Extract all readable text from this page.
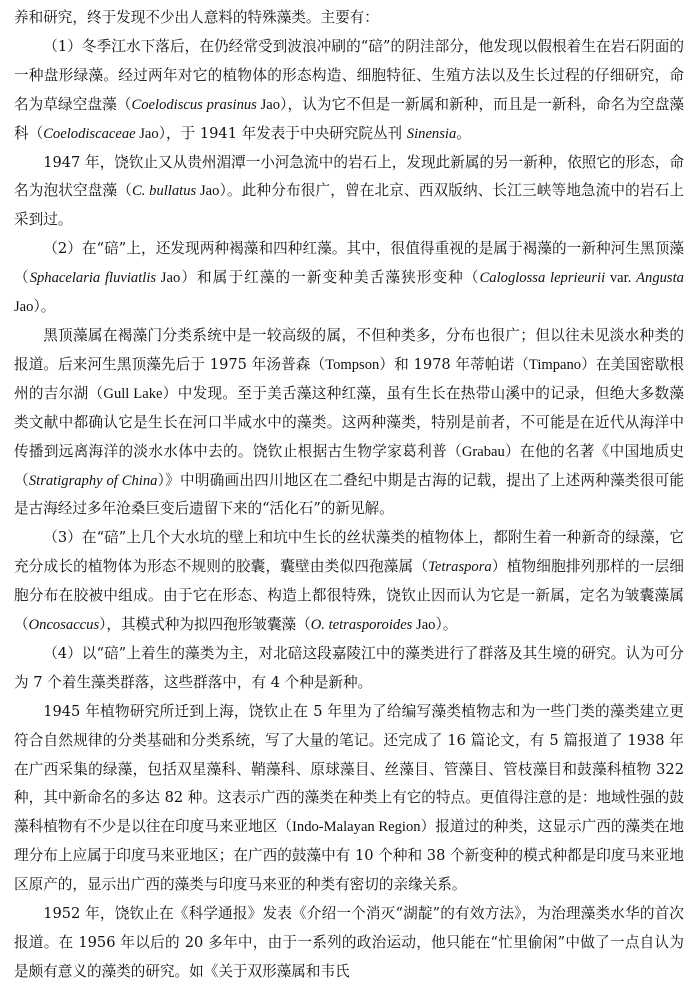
养和研究，终于发现不少出人意料的特殊藻类。主要有：

（1）冬季江水下落后，在仍经常受到波浪冲刷的“碚”的阴洼部分，他发现以假根着生在岩石阴面的一种盘形绿藻。经过两年对它的植物体的形态构造、细胞特征、生殖方法以及生长过程的仔细研究，命名为草绿空盘藻（Coelodiscus prasinus Jao），认为它不但是一新属和新种，而且是一新科，命名为空盘藻科（Coelodiscaceae Jao），于 1941 年发表于中央研究院丛刊 Sinensia。

1947 年，饶钦止又从贵州湄潭一小河急流中的岩石上，发现此新属的另一新种，依照它的形态，命名为泡状空盘藻（C. bullatus Jao）。此种分布很广，曾在北京、西双版纳、长江三峡等地急流中的岩石上采到过。

（2）在“碚”上，还发现两种褐藻和四种红藻。其中，很值得重视的是属于褐藻的一新种河生黑顶藻（Sphacelaria fluviatlis Jao）和属于红藻的一新变种美舌藻狭形变种（Caloglossa leprieurii var. Angusta Jao）。

黑顶藻属在褐藻门分类系统中是一较高级的属，不但种类多，分布也很广；但以往未见淡水种类的报道。后来河生黑顶藻先后于 1975 年汤普森（Tompson）和 1978 年蒂帕诺（Timpano）在美国密歇根州的吉尔湖（Gull Lake）中发现。至于美舌藻这种红藻，虽有生长在热带山溪中的记录，但绝大多数藻类文献中都确认它是生长在河口半咸水中的藻类。这两种藻类，特别是前者，不可能是在近代从海洋中传播到远离海洋的淡水水体中去的。饶钦止根据古生物学家葛利普（Grabau）在他的名著《中国地质史（Stratigraphy of China）》中明确画出四川地区在二叠纪中期是古海的记载，提出了上述两种藻类很可能是古海经过多年沧桑巨变后遗留下来的“活化石”的新见解。

（3）在“碚”上几个大水坑的壁上和坑中生长的丝状藻类的植物体上，都附生着一种新奇的绿藻，它充分成长的植物体为形态不规则的胶囊，囊壁由类似四孢藻属（Tetraspora）植物细胞排列那样的一层细胞分布在胶被中组成。由于它在形态、构造上都很特殊，饶钦止因而认为它是一新属，定名为皱囊藻属（Oncosaccus），其模式种为拟四孢形皱囊藻（O. tetrasporoides Jao）。

（4）以“碚”上着生的藻类为主，对北碚这段嘉陵江中的藻类进行了群落及其生境的研究。认为可分为 7 个着生藻类群落，这些群落中，有 4 个种是新种。

1945 年植物研究所迁到上海，饶钦止在 5 年里为了给编写藻类植物志和为一些门类的藻类建立更符合自然规律的分类基础和分类系统，写了大量的笔记。还完成了 16 篇论文，有 5 篇报道了 1938 年在广西采集的绿藻，包括双星藻科、鞘藻科、原球藻目、丝藻目、管藻目、管枝藻目和鼓藻科植物 322 种，其中新命名的多达 82 种。这表示广西的藻类在种类上有它的特点。更值得注意的是：地域性强的鼓藻科植物有不少是以往在印度马来亚地区（Indo-Malayan Region）报道过的种类，这显示广西的藻类在地理分布上应属于印度马来亚地区；在广西的鼓藻中有 10 个种和 38 个新变种的模式种都是印度马来亚地区原产的，显示出广西的藻类与印度马来亚的种类有密切的亲缘关系。

1952 年，饶钦止在《科学通报》发表《介绍一个消灭“湖靛”的有效方法》，为治理藻类水华的首次报道。在 1956 年以后的 20 多年中，由于一系列的政治运动，他只能在“忙里偷闲”中做了一点自认为是颇有意义的藻类的研究。如《关于双形藻属和韦氏
